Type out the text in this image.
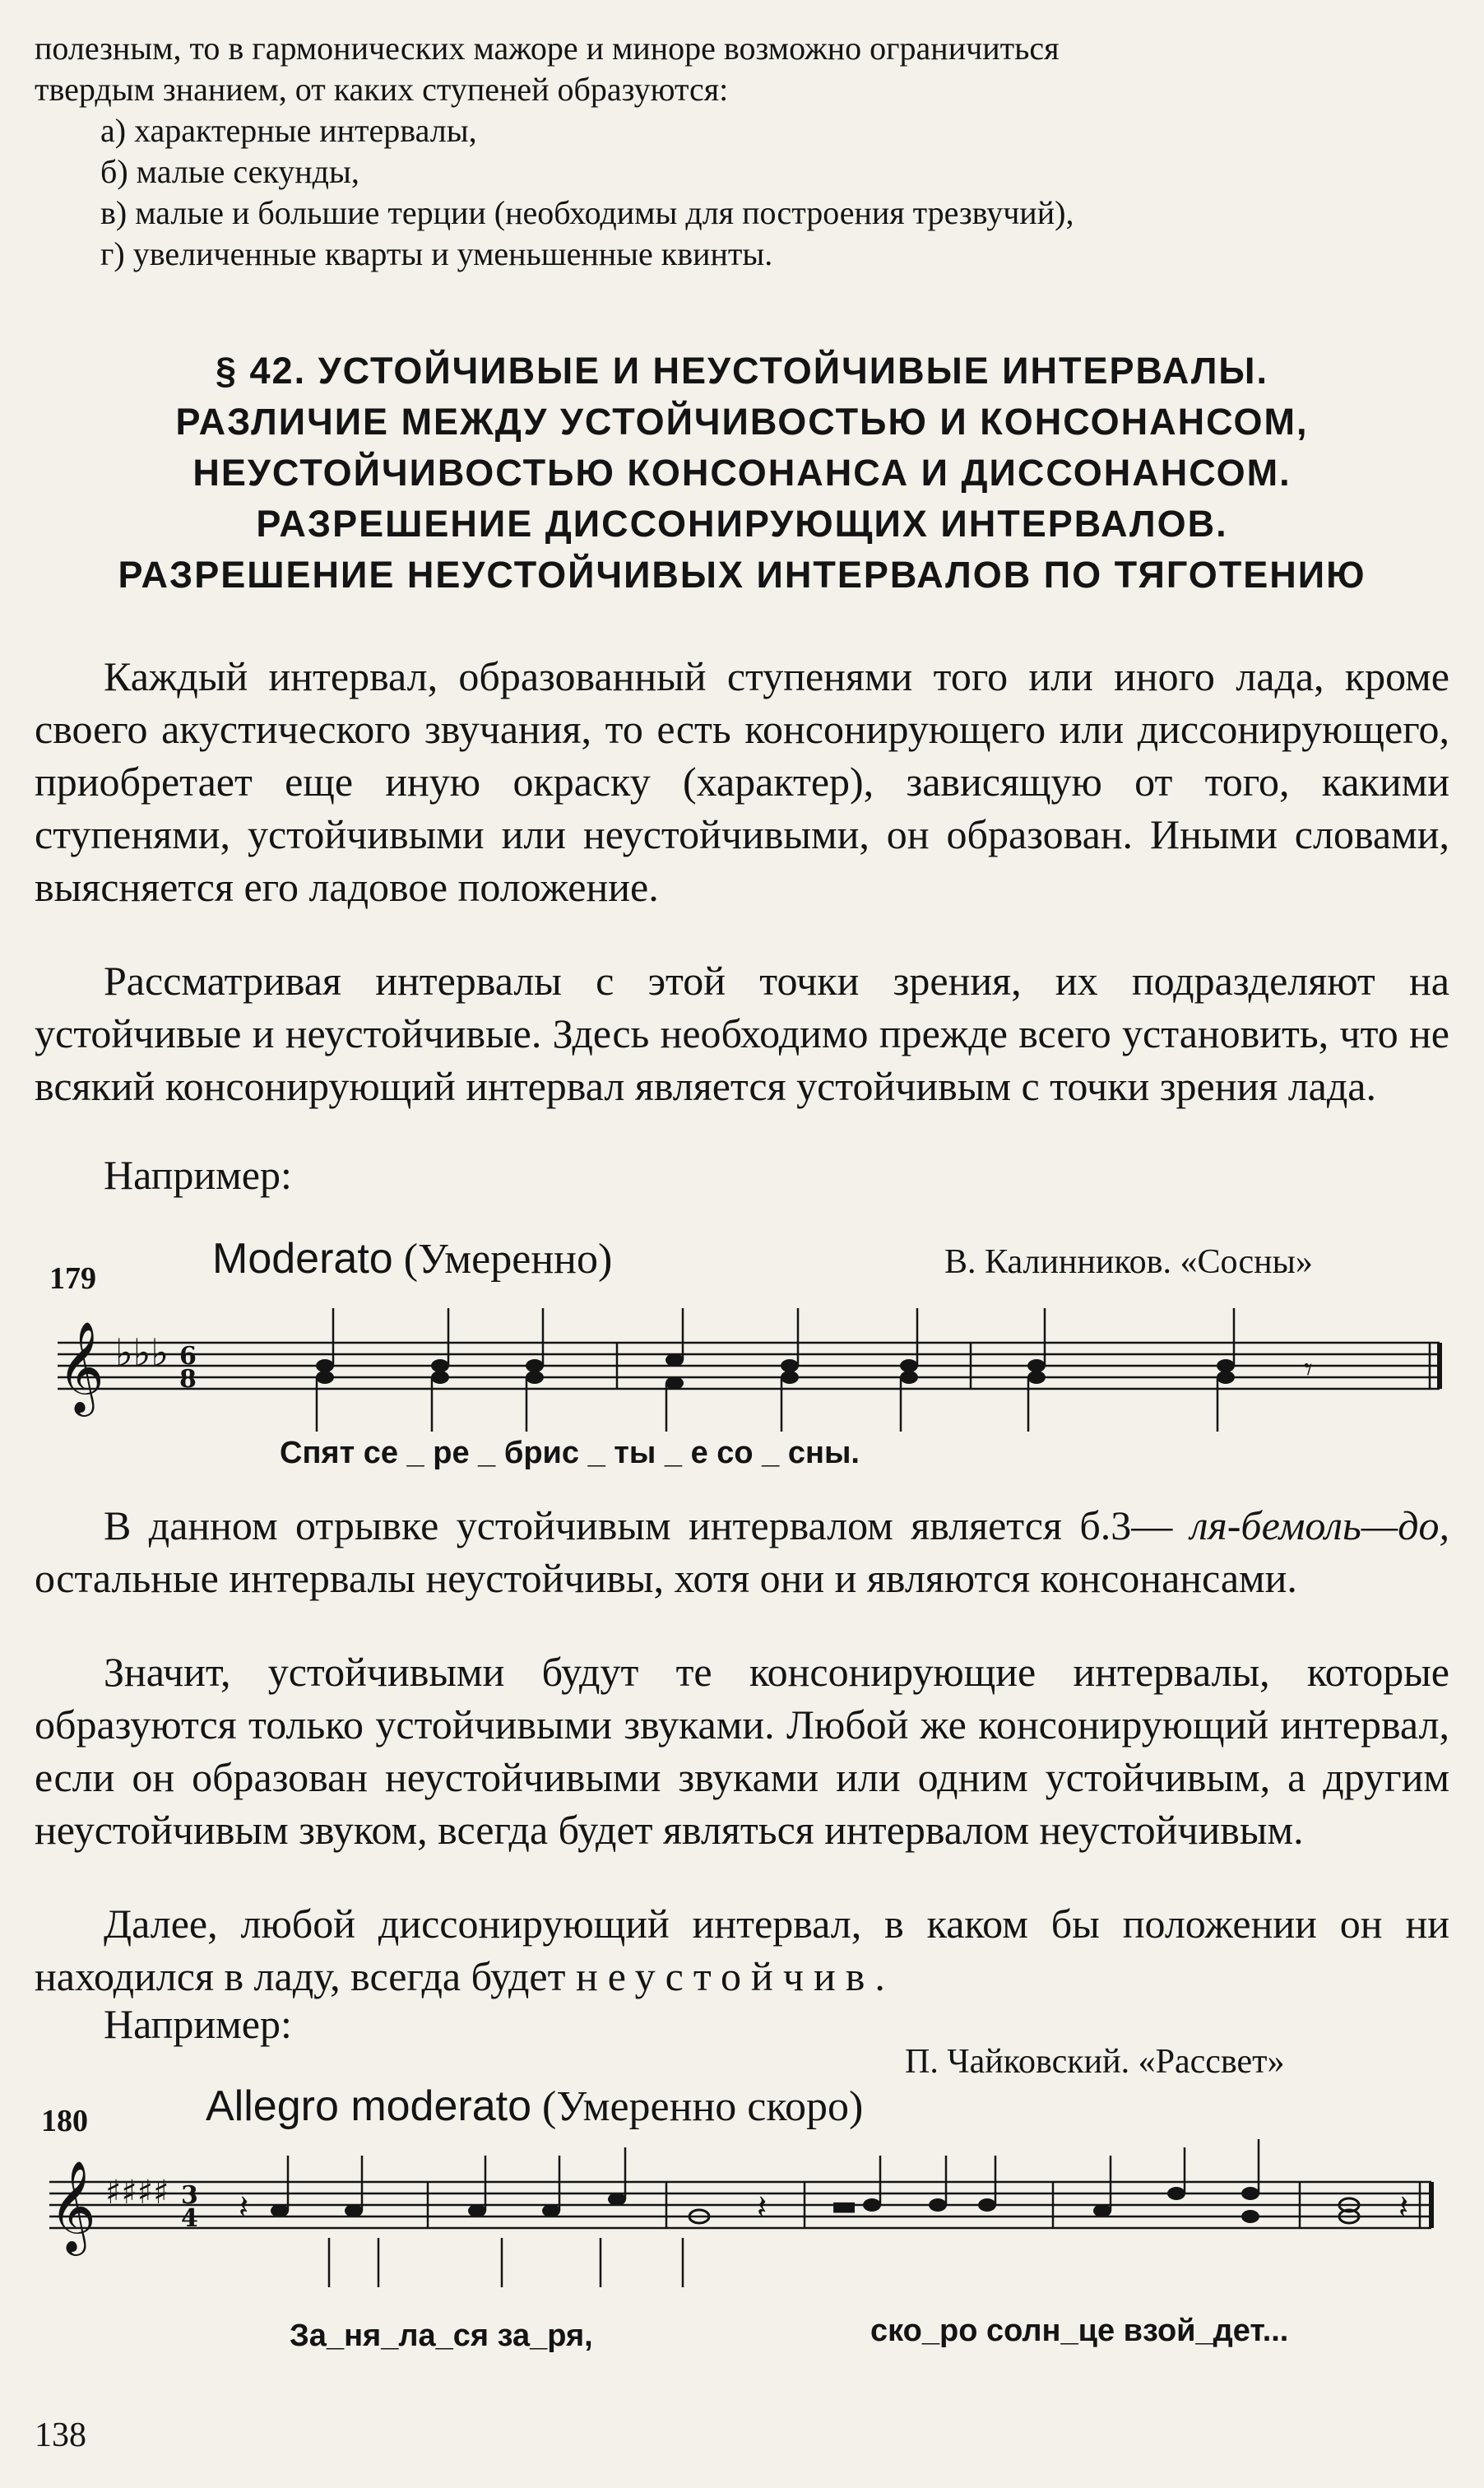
полезным, то в гармонических мажоре и миноре возможно ограничиться
твердым знанием, от каких ступеней образуются:
а) характерные интервалы,
б) малые секунды,
в) малые и большие терции (необходимы для построения трезвучий),
г) увеличенные кварты и уменьшенные квинты.
§ 42. УСТОЙЧИВЫЕ И НЕУСТОЙЧИВЫЕ ИНТЕРВАЛЫ.
РАЗЛИЧИЕ МЕЖДУ УСТОЙЧИВОСТЬЮ И КОНСОНАНСОМ,
НЕУСТОЙЧИВОСТЬЮ КОНСОНАНСА И ДИССОНАНСОМ.
РАЗРЕШЕНИЕ ДИССОНИРУЮЩИХ ИНТЕРВАЛОВ.
РАЗРЕШЕНИЕ НЕУСТОЙЧИВЫХ ИНТЕРВАЛОВ ПО ТЯГОТЕНИЮ
Каждый интервал, образованный ступенями того или иного лада, кроме своего акустического звучания, то есть консонирующего или диссонирующего, приобретает еще иную окраску (характер), зависящую от того, какими ступенями, устойчивыми или неустойчивыми, он образован. Иными словами, выясняется его ладовое положение.
Рассматривая интервалы с этой точки зрения, их подразделяют на устойчивые и неустойчивые. Здесь необходимо прежде всего установить, что не всякий консонирующий интервал является устойчивым с точки зрения лада.
Например:
179	Moderato (Умеренно)	В. Калинников. «Сосны»
𝄞 ♭♭♭ 6
8	𝄾
Спят се _ ре _ брис _ ты _ е со _ сны.
В данном отрывке устойчивым интервалом является б.3— ля-бемоль—до, остальные интервалы неустойчивы, хотя они и являются консонансами.
Значит, устойчивыми будут те консонирующие интервалы, которые образуются только устойчивыми звуками. Любой же консонирующий интервал, если он образован неустойчивыми звуками или одним устойчивым, а другим неустойчивым звуком, всегда будет являться интервалом неустойчивым.
Далее, любой диссонирующий интервал, в каком бы положении он ни находился в ладу, всегда будет неустойчив.
Например:
П. Чайковский. «Рассвет»
180	Allegro moderato (Умеренно скоро)
𝄞 ♯♯♯♯ 3
4 𝄽	𝄽 ▬	𝄽
За_ня_ла_ся за_ря,	ско_ро солн_це взой_дет...
138
